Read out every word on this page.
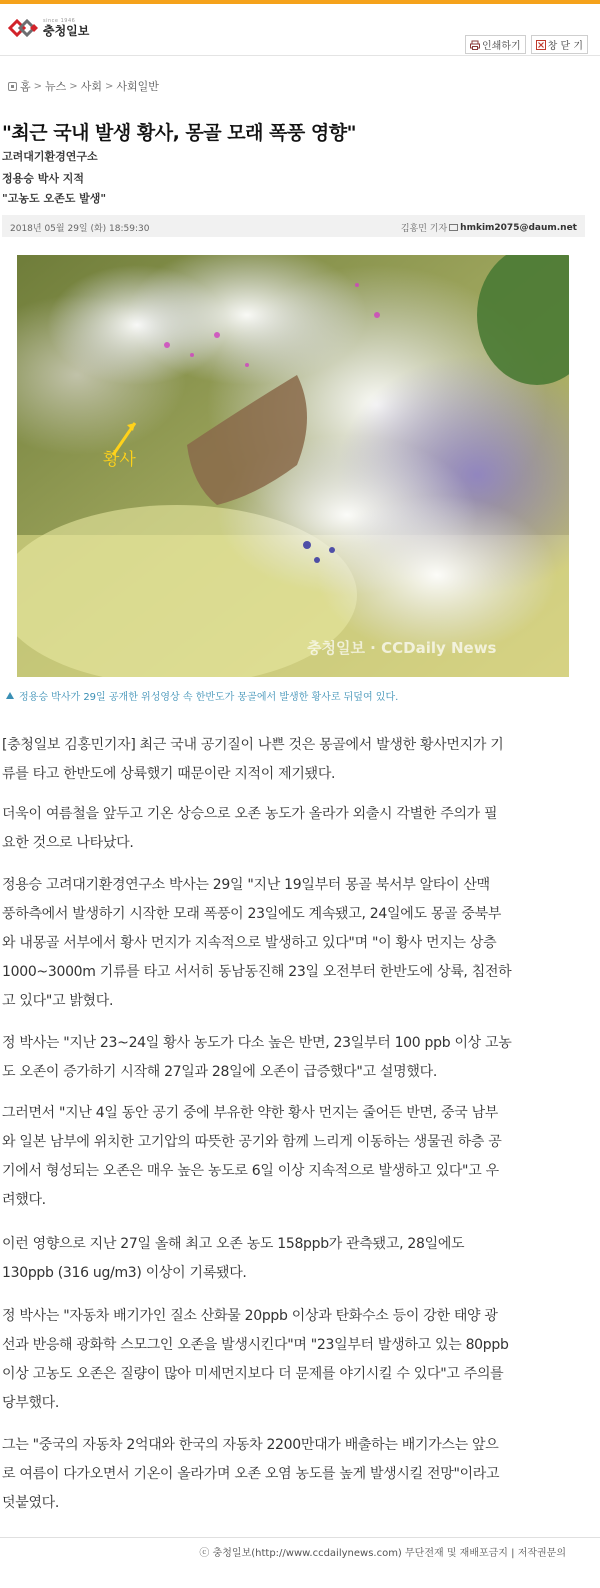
since 1946
충청일보
인쇄하기	창 닫 기
홈 > 뉴스 > 사회 > 사회일반
"최근 국내 발생 황사, 몽골 모래 폭풍 영향"
고려대기환경연구소
정용승 박사 지적
"고농도 오존도 발생"
2018년 05월 29일 (화) 18:59:30	김홍민 기자 hmkim2075@daum.net
황사
충청일보 · CCDaily News
정용승 박사가 29일 공개한 위성영상 속 한반도가 몽골에서 발생한 황사로 뒤덮여 있다.
[충청일보 김홍민기자] 최근 국내 공기질이 나쁜 것은 몽골에서 발생한 황사먼지가 기
류를 타고 한반도에 상륙했기 때문이란 지적이 제기됐다.
더욱이 여름철을 앞두고 기온 상승으로 오존 농도가 올라가 외출시 각별한 주의가 필
요한 것으로 나타났다.
정용승 고려대기환경연구소 박사는 29일 "지난 19일부터 몽골 북서부 알타이 산맥
풍하측에서 발생하기 시작한 모래 폭풍이 23일에도 계속됐고, 24일에도 몽골 중북부
와 내몽골 서부에서 황사 먼지가 지속적으로 발생하고 있다"며 "이 황사 먼지는 상층
1000~3000m 기류를 타고 서서히 동남동진해 23일 오전부터 한반도에 상륙, 침전하
고 있다"고 밝혔다.
정 박사는 "지난 23~24일 황사 농도가 다소 높은 반면, 23일부터 100 ppb 이상 고농
도 오존이 증가하기 시작해 27일과 28일에 오존이 급증했다"고 설명했다.
그러면서 "지난 4일 동안 공기 중에 부유한 약한 황사 먼지는 줄어든 반면, 중국 남부
와 일본 남부에 위치한 고기압의 따뜻한 공기와 함께 느리게 이동하는 생물권 하층 공
기에서 형성되는 오존은 매우 높은 농도로 6일 이상 지속적으로 발생하고 있다"고 우
려했다.
이런 영향으로 지난 27일 올해 최고 오존 농도 158ppb가 관측됐고, 28일에도
130ppb (316 ug/m3) 이상이 기록됐다.
정 박사는 "자동차 배기가인 질소 산화물 20ppb 이상과 탄화수소 등이 강한 태양 광
선과 반응해 광화학 스모그인 오존을 발생시킨다"며 "23일부터 발생하고 있는 80ppb
이상 고농도 오존은 질량이 많아 미세먼지보다 더 문제를 야기시킬 수 있다"고 주의를
당부했다.
그는 "중국의 자동차 2억대와 한국의 자동차 2200만대가 배출하는 배기가스는 앞으
로 여름이 다가오면서 기온이 올라가며 오존 오염 농도를 높게 발생시킬 전망"이라고
덧붙였다.
ⓒ 충청일보(http://www.ccdailynews.com) 무단전재 및 재배포금지 | 저작권문의
